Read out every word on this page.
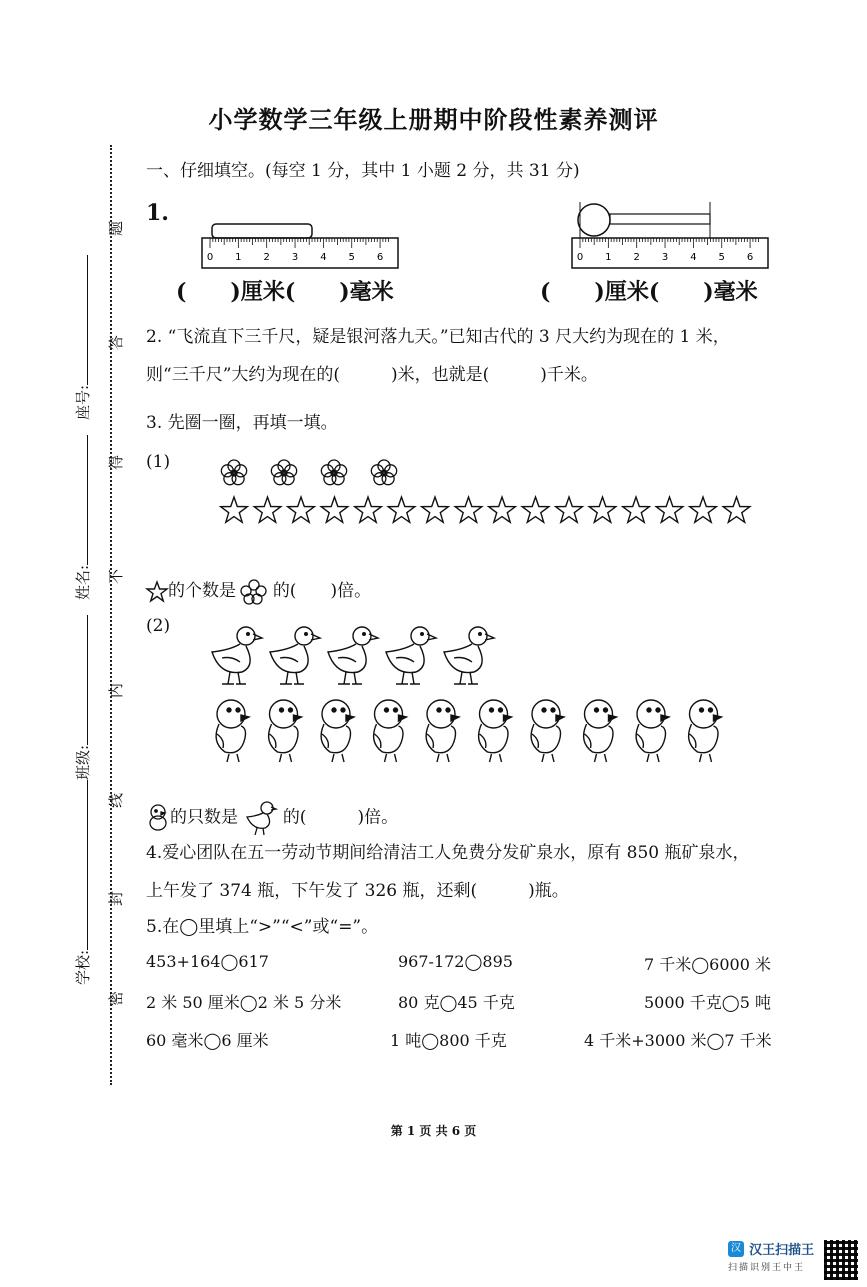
座号:
姓名:
班级:
学校:
题
答
得
不
内
线
封
密
小学数学三年级上册期中阶段性素养测评
一、仔细填空。(每空 1 分，其中 1 小题 2 分，共 31 分)
1.
0 1 2 3 4 5 6	0 1 2 3 4 5 6
(　　)厘米(　　)毫米	(　　)厘米(　　)毫米
2. “飞流直下三千尺，疑是银河落九天。”已知古代的 3 尺大约为现在的 1 米，
则“三千尺”大约为现在的(　　　)米，也就是(　　　)千米。
3. 先圈一圈，再填一填。
(1)
的个数是 的(　　)倍。
(2)
的只数是	的(　　　)倍。
4.爱心团队在五一劳动节期间给清洁工人免费分发矿泉水，原有 850 瓶矿泉水，
上午发了 374 瓶，下午发了 326 瓶，还剩(　　　)瓶。
5.在◯里填上“>”“<”或“=”。
453+164◯617	967-172◯895	7 千米◯6000 米
2 米 50 厘米◯2 米 5 分米	80 克◯45 千克	5000 千克◯5 吨
60 毫米◯6 厘米	1 吨◯800 千克	4 千米+3000 米◯7 千米
第 1 页 共 6 页
汉 汉王扫描王
扫描识别王中王
